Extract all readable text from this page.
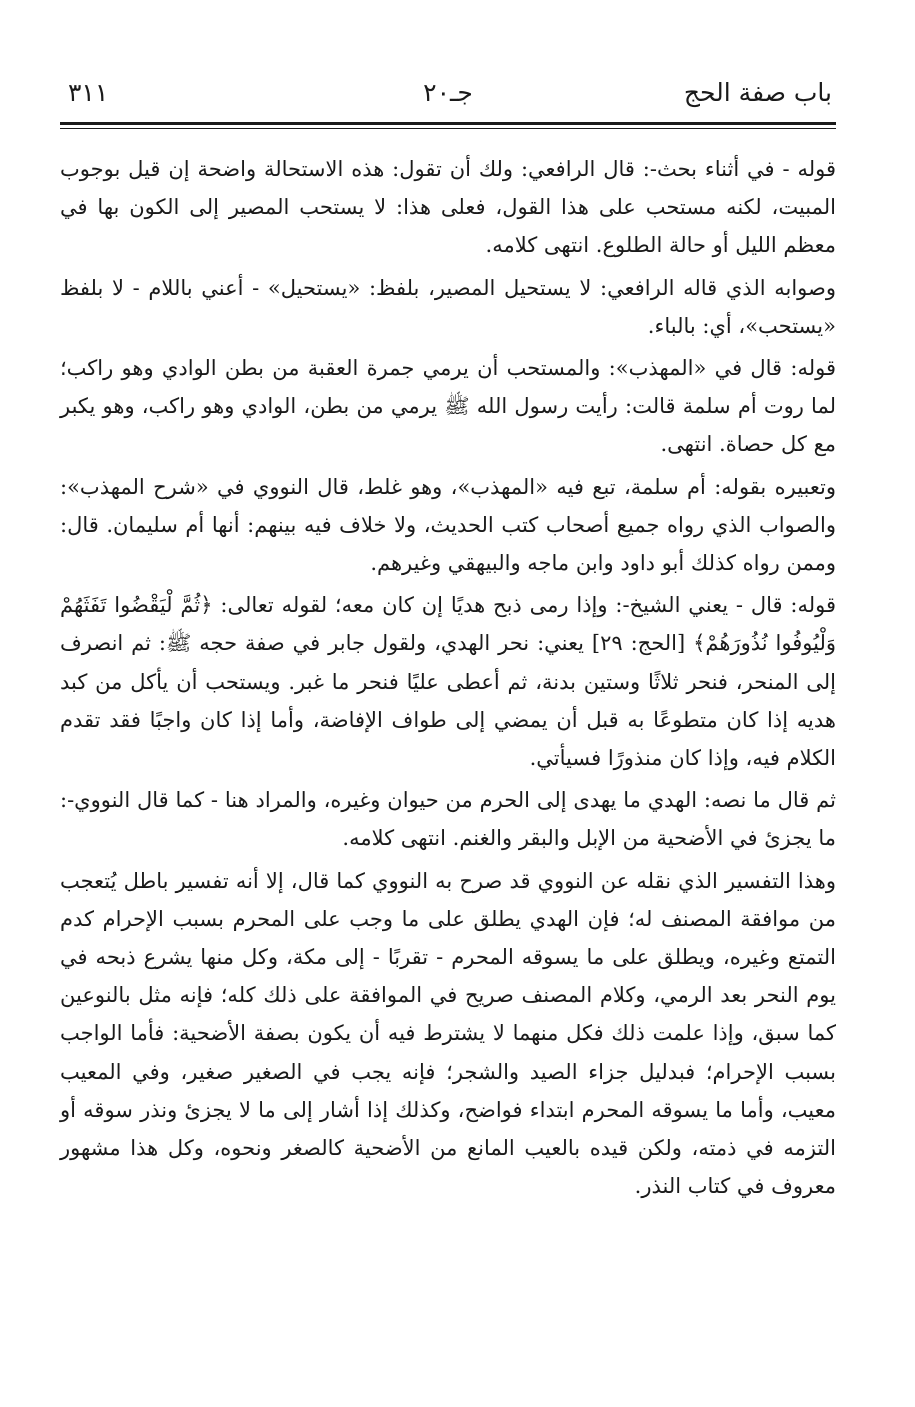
باب صفة الحج
جـ٢٠
٣١١

قوله - في أثناء بحث-: قال الرافعي: ولك أن تقول: هذه الاستحالة واضحة إن قيل بوجوب المبيت، لكنه مستحب على هذا القول، فعلى هذا: لا يستحب المصير إلى الكون بها في معظم الليل أو حالة الطلوع. انتهى كلامه.

وصوابه الذي قاله الرافعي: لا يستحيل المصير، بلفظ: «يستحيل» - أعني باللام - لا بلفظ «يستحب»، أي: بالباء.

قوله: قال في «المهذب»: والمستحب أن يرمي جمرة العقبة من بطن الوادي وهو راكب؛ لما روت أم سلمة قالت: رأيت رسول الله ﷺ يرمي من بطن، الوادي وهو راكب، وهو يكبر مع كل حصاة. انتهى.

وتعبيره بقوله: أم سلمة، تبع فيه «المهذب»، وهو غلط، قال النووي في «شرح المهذب»: والصواب الذي رواه جميع أصحاب كتب الحديث، ولا خلاف فيه بينهم: أنها أم سليمان. قال: وممن رواه كذلك أبو داود وابن ماجه والبيهقي وغيرهم.

قوله: قال - يعني الشيخ-: وإذا رمى ذبح هديًا إن كان معه؛ لقوله تعالى: ﴿ثُمَّ لْيَقْضُوا تَفَثَهُمْ وَلْيُوفُوا نُذُورَهُمْ﴾ [الحج: ٢٩] يعني: نحر الهدي، ولقول جابر في صفة حجه ﷺ: ثم انصرف إلى المنحر، فنحر ثلاثًا وستين بدنة، ثم أعطى عليًا فنحر ما غبر. ويستحب أن يأكل من كبد هديه إذا كان متطوعًا به قبل أن يمضي إلى طواف الإفاضة، وأما إذا كان واجبًا فقد تقدم الكلام فيه، وإذا كان منذورًا فسيأتي.

ثم قال ما نصه: الهدي ما يهدى إلى الحرم من حيوان وغيره، والمراد هنا - كما قال النووي-: ما يجزئ في الأضحية من الإبل والبقر والغنم. انتهى كلامه.

وهذا التفسير الذي نقله عن النووي قد صرح به النووي كما قال، إلا أنه تفسير باطل يُتعجب من موافقة المصنف له؛ فإن الهدي يطلق على ما وجب على المحرم بسبب الإحرام كدم التمتع وغيره، ويطلق على ما يسوقه المحرم - تقربًا - إلى مكة، وكل منها يشرع ذبحه في يوم النحر بعد الرمي، وكلام المصنف صريح في الموافقة على ذلك كله؛ فإنه مثل بالنوعين كما سبق، وإذا علمت ذلك فكل منهما لا يشترط فيه أن يكون بصفة الأضحية: فأما الواجب بسبب الإحرام؛ فبدليل جزاء الصيد والشجر؛ فإنه يجب في الصغير صغير، وفي المعيب معيب، وأما ما يسوقه المحرم ابتداء فواضح، وكذلك إذا أشار إلى ما لا يجزئ ونذر سوقه أو التزمه في ذمته، ولكن قيده بالعيب المانع من الأضحية كالصغر ونحوه، وكل هذا مشهور معروف في كتاب النذر.
